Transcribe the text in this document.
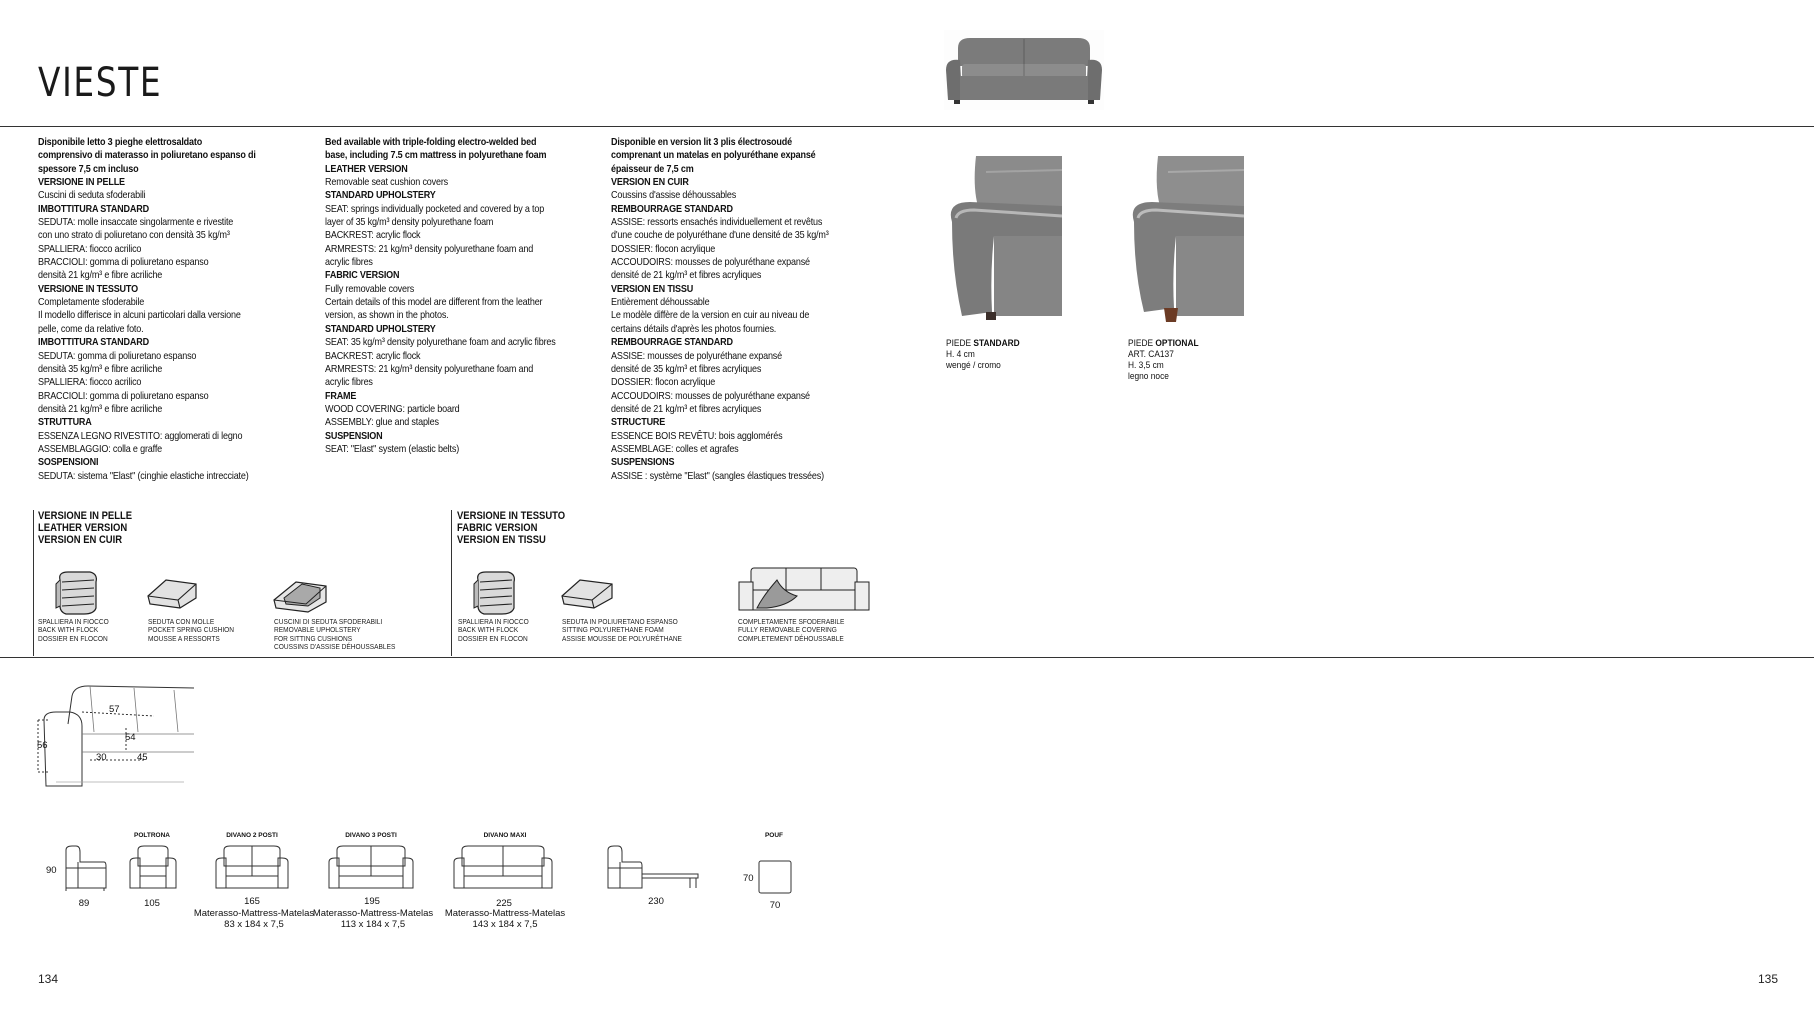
VIESTE
Disponibile letto 3 pieghe elettrosaldato
comprensivo di materasso in poliuretano espanso di
spessore 7,5 cm incluso
VERSIONE IN PELLE
Cuscini di seduta sfoderabili
IMBOTTITURA STANDARD
SEDUTA: molle insaccate singolarmente e rivestite
con uno strato di poliuretano con densità 35 kg/m³
SPALLIERA: fiocco acrilico
BRACCIOLI: gomma di poliuretano espanso
densità 21 kg/m³ e fibre acriliche
VERSIONE IN TESSUTO
Completamente sfoderabile
Il modello differisce in alcuni particolari dalla versione
pelle, come da relative foto.
IMBOTTITURA STANDARD
SEDUTA: gomma di poliuretano espanso
densità 35 kg/m³ e fibre acriliche
SPALLIERA: fiocco acrilico
BRACCIOLI: gomma di poliuretano espanso
densità 21 kg/m³ e fibre acriliche
STRUTTURA
ESSENZA LEGNO RIVESTITO: agglomerati di legno
ASSEMBLAGGIO: colla e graffe
SOSPENSIONI
SEDUTA: sistema "Elast" (cinghie elastiche intrecciate)
Bed available with triple-folding electro-welded bed
base, including 7.5 cm mattress in polyurethane foam
LEATHER VERSION
Removable seat cushion covers
STANDARD UPHOLSTERY
SEAT: springs individually pocketed and covered by a top
layer of 35 kg/m³ density polyurethane foam
BACKREST: acrylic flock
ARMRESTS: 21 kg/m³ density polyurethane foam and
acrylic fibres
FABRIC VERSION
Fully removable covers
Certain details of this model are different from the leather
version, as shown in the photos.
STANDARD UPHOLSTERY
SEAT: 35 kg/m³ density polyurethane foam and acrylic fibres
BACKREST: acrylic flock
ARMRESTS: 21 kg/m³ density polyurethane foam and
acrylic fibres
FRAME
WOOD COVERING: particle board
ASSEMBLY: glue and staples
SUSPENSION
SEAT: "Elast" system (elastic belts)
Disponible en version lit 3 plis électrosoudé
comprenant un matelas en polyuréthane expansé
épaisseur de 7,5 cm
VERSION EN CUIR
Coussins d'assise déhoussables
REMBOURRAGE STANDARD
ASSISE: ressorts ensachés individuellement et revêtus
d'une couche de polyuréthane d'une densité de 35 kg/m³
DOSSIER: flocon acrylique
ACCOUDOIRS: mousses de polyuréthane expansé
densité de 21 kg/m³ et fibres acryliques
VERSION EN TISSU
Entièrement déhoussable
Le modèle diffère de la version en cuir au niveau de
certains détails d'après les photos fournies.
REMBOURRAGE STANDARD
ASSISE: mousses de polyuréthane expansé
densité de 35 kg/m³ et fibres acryliques
DOSSIER: flocon acrylique
ACCOUDOIRS: mousses de polyuréthane expansé
densité de 21 kg/m³ et fibres acryliques
STRUCTURE
ESSENCE BOIS REVÊTU: bois agglomérés
ASSEMBLAGE: colles et agrafes
SUSPENSIONS
ASSISE : système "Elast" (sangles élastiques tressées)
PIEDE STANDARD
H. 4 cm
wengé / cromo
PIEDE OPTIONAL
ART. CA137
H. 3,5 cm
legno noce
VERSIONE IN PELLE
LEATHER VERSION
VERSION EN CUIR
VERSIONE IN TESSUTO
FABRIC VERSION
VERSION EN TISSU
SPALLIERA IN FIOCCO
BACK WITH FLOCK
DOSSIER EN FLOCON
SEDUTA CON MOLLE
POCKET SPRING CUSHION
MOUSSE A RESSORTS
CUSCINI DI SEDUTA SFODERABILI
REMOVABLE UPHOLSTERY
FOR SITTING CUSHIONS
COUSSINS D'ASSISE DÉHOUSSABLES
SPALLIERA IN FIOCCO
BACK WITH FLOCK
DOSSIER EN FLOCON
SEDUTA IN POLIURETANO ESPANSO
SITTING POLYURETHANE FOAM
ASSISE MOUSSE DE POLYURÉTHANE
COMPLETAMENTE SFODERABILE
FULLY REMOVABLE COVERING
COMPLETEMENT DÉHOUSSABLE
57
54
56
30	45
POLTRONA	DIVANO 2 POSTI	DIVANO 3 POSTI	DIVANO MAXI	POUF
90
89	105	165
Materasso-Mattress-Matelas
83 x 184 x 7,5
195
Materasso-Mattress-Matelas
113 x 184 x 7,5
225
Materasso-Mattress-Matelas
143 x 184 x 7,5
230
70
70
134	135
